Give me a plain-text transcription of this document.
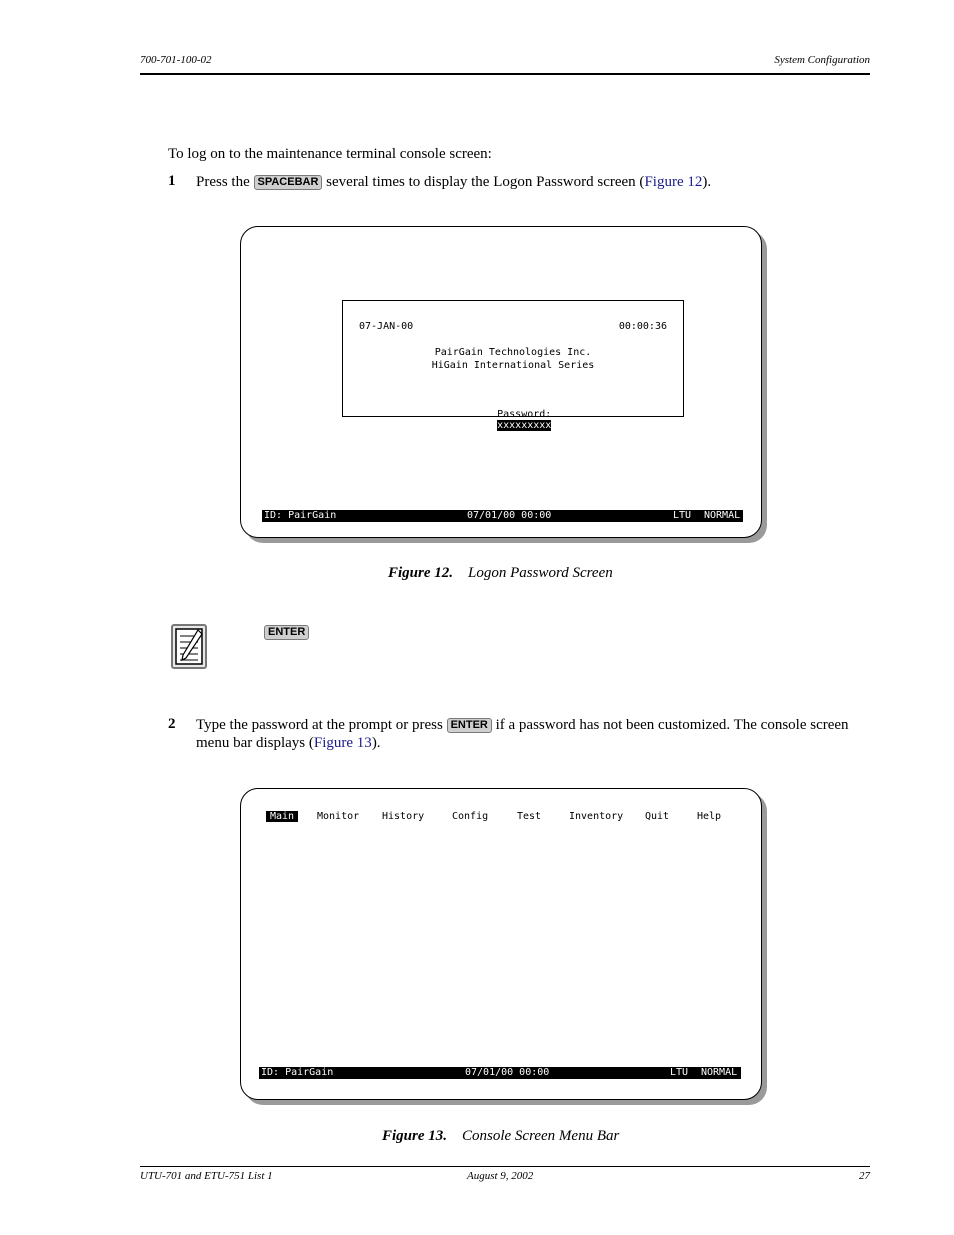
700-701-100-02	System Configuration
To log on to the maintenance terminal console screen:
1 Press the SPACEBAR several times to display the Logon Password screen (Figure 12).
07-JAN-00	00:00:36
PairGain Technologies Inc.
HiGain International Series

Password:
xxxxxxxxx

ID: PairGain

	07/01/00 00:00

	LTU

NORMAL

Figure 12. Logon Password Screen
ENTER
2 Type the password at the prompt or press ENTER if a password has not been customized. The console screen
menu bar displays (Figure 13).

Main

	Monitor

History

	Config

	Test

	Inventory

Quit

	Help

ID: PairGain

	07/01/00 00:00

	LTU

NORMAL

Figure 13. Console Screen Menu Bar
UTU-701 and ETU-751 List 1	August 9, 2002	27
